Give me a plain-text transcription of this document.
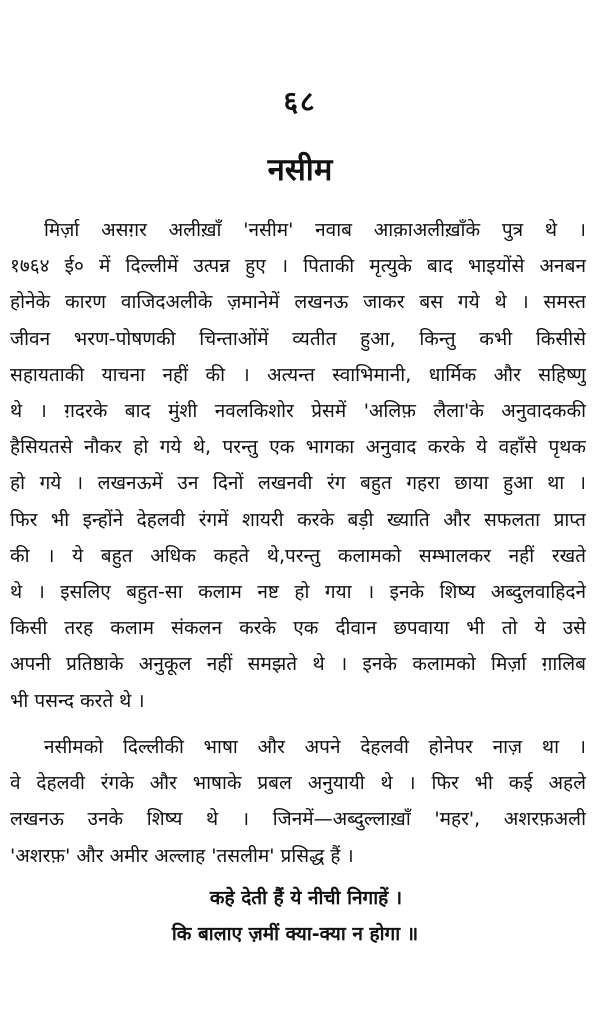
६८
नसीम
मिर्ज़ा असग़र अलीख़ाँ 'नसीम' नवाब आक़ाअलीख़ाँके पुत्र थे ।
१७६४ ई० में दिल्लीमें उत्पन्न हुए । पिताकी मृत्युके बाद भाइयोंसे अनबन
होनेके कारण वाजिदअलीके ज़मानेमें लखनऊ जाकर बस गये थे । समस्त
जीवन भरण-पोषणकी चिन्ताओंमें व्यतीत हुआ, किन्तु कभी किसीसे
सहायताकी याचना नहीं की । अत्यन्त स्वाभिमानी, धार्मिक और सहिष्णु
थे । ग़दरके बाद मुंशी नवलकिशोर प्रेसमें 'अलिफ़ लैला'के अनुवादककी
हैसियतसे नौकर हो गये थे, परन्तु एक भागका अनुवाद करके ये वहाँसे पृथक
हो गये । लखनऊमें उन दिनों लखनवी रंग बहुत गहरा छाया हुआ था ।
फिर भी इन्होंने देहलवी रंगमें शायरी करके बड़ी ख्याति और सफलता प्राप्त
की । ये बहुत अधिक कहते थे,परन्तु कलामको सम्भालकर नहीं रखते
थे । इसलिए बहुत-सा कलाम नष्ट हो गया । इनके शिष्य अब्दुलवाहिदने
किसी तरह कलाम संकलन करके एक दीवान छपवाया भी तो ये उसे
अपनी प्रतिष्ठाके अनुकूल नहीं समझते थे । इनके कलामको मिर्ज़ा ग़ालिब
भी पसन्द करते थे ।
नसीमको दिल्लीकी भाषा और अपने देहलवी होनेपर नाज़ था ।
वे देहलवी रंगके और भाषाके प्रबल अनुयायी थे । फिर भी कई अहले
लखनऊ उनके शिष्य थे । जिनमें—अब्दुल्लाख़ाँ 'महर', अशरफ़अली
'अशरफ़' और अमीर अल्लाह 'तसलीम' प्रसिद्ध हैं ।
कहे देती हैं ये नीची निगाहें ।
कि बालाए ज़मीं क्या-क्या न होगा ॥
